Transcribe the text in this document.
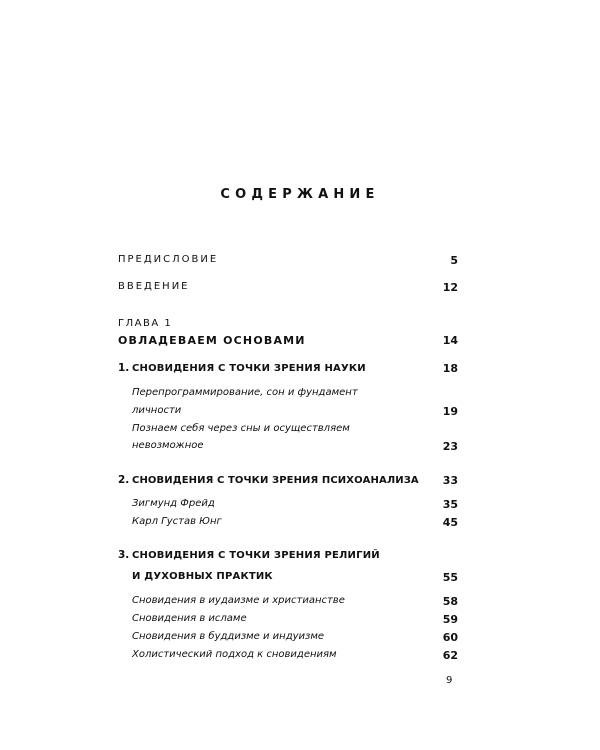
СОДЕРЖАНИЕ
ПРЕДИСЛОВИЕ	5
ВВЕДЕНИЕ	12
ГЛАВА 1
ОВЛАДЕВАЕМ ОСНОВАМИ	14
1. СНОВИДЕНИЯ С ТОЧКИ ЗРЕНИЯ НАУКИ	18
Перепрограммирование, сон и фундамент
личности	19
Познаем себя через сны и осуществляем
невозможное	23
2. СНОВИДЕНИЯ С ТОЧКИ ЗРЕНИЯ ПСИХОАНАЛИЗА 33
Зигмунд Фрейд	35
Карл Густав Юнг	45
3. СНОВИДЕНИЯ С ТОЧКИ ЗРЕНИЯ РЕЛИГИЙ
И ДУХОВНЫХ ПРАКТИК	55
Сновидения в иудаизме и христианстве	58
Сновидения в исламе	59
Сновидения в буддизме и индуизме	60
Холистический подход к сновидениям	62
9
